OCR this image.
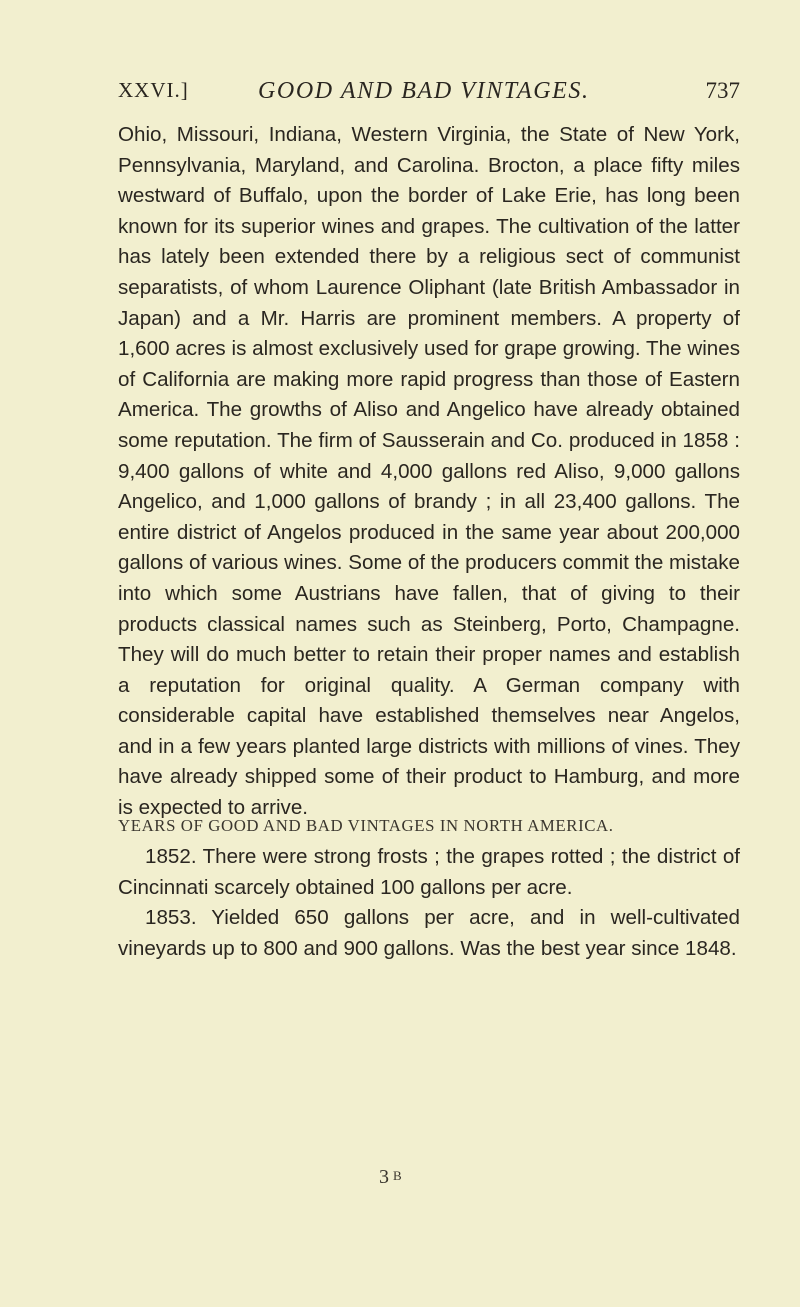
XXVI.]	GOOD AND BAD VINTAGES.	737

Ohio, Missouri, Indiana, Western Virginia, the State of New York, Pennsylvania, Maryland, and Carolina. Brocton, a place fifty miles westward of Buffalo, upon the border of Lake Erie, has long been known for its superior wines and grapes. The cultivation of the latter has lately been extended there by a religious sect of communist separatists, of whom Laurence Oliphant (late British Ambassador in Japan) and a Mr. Harris are prominent members. A property of 1,600 acres is almost exclusively used for grape growing. The wines of California are making more rapid progress than those of Eastern America. The growths of Aliso and Angelico have already obtained some reputation. The firm of Sausserain and Co. produced in 1858 : 9,400 gallons of white and 4,000 gallons red Aliso, 9,000 gallons Angelico, and 1,000 gallons of brandy ; in all 23,400 gallons. The entire district of Angelos produced in the same year about 200,000 gallons of various wines. Some of the producers commit the mistake into which some Austrians have fallen, that of giving to their products classical names such as Steinberg, Porto, Champagne. They will do much better to retain their proper names and establish a reputation for original quality. A German company with considerable capital have established themselves near Angelos, and in a few years planted large districts with millions of vines. They have already shipped some of their product to Hamburg, and more is expected to arrive.

YEARS OF GOOD AND BAD VINTAGES IN NORTH AMERICA.

1852. There were strong frosts ; the grapes rotted ; the district of Cincinnati scarcely obtained 100 gallons per acre.

1853. Yielded 650 gallons per acre, and in well-cultivated vineyards up to 800 and 900 gallons. Was the best year since 1848.

3 B
